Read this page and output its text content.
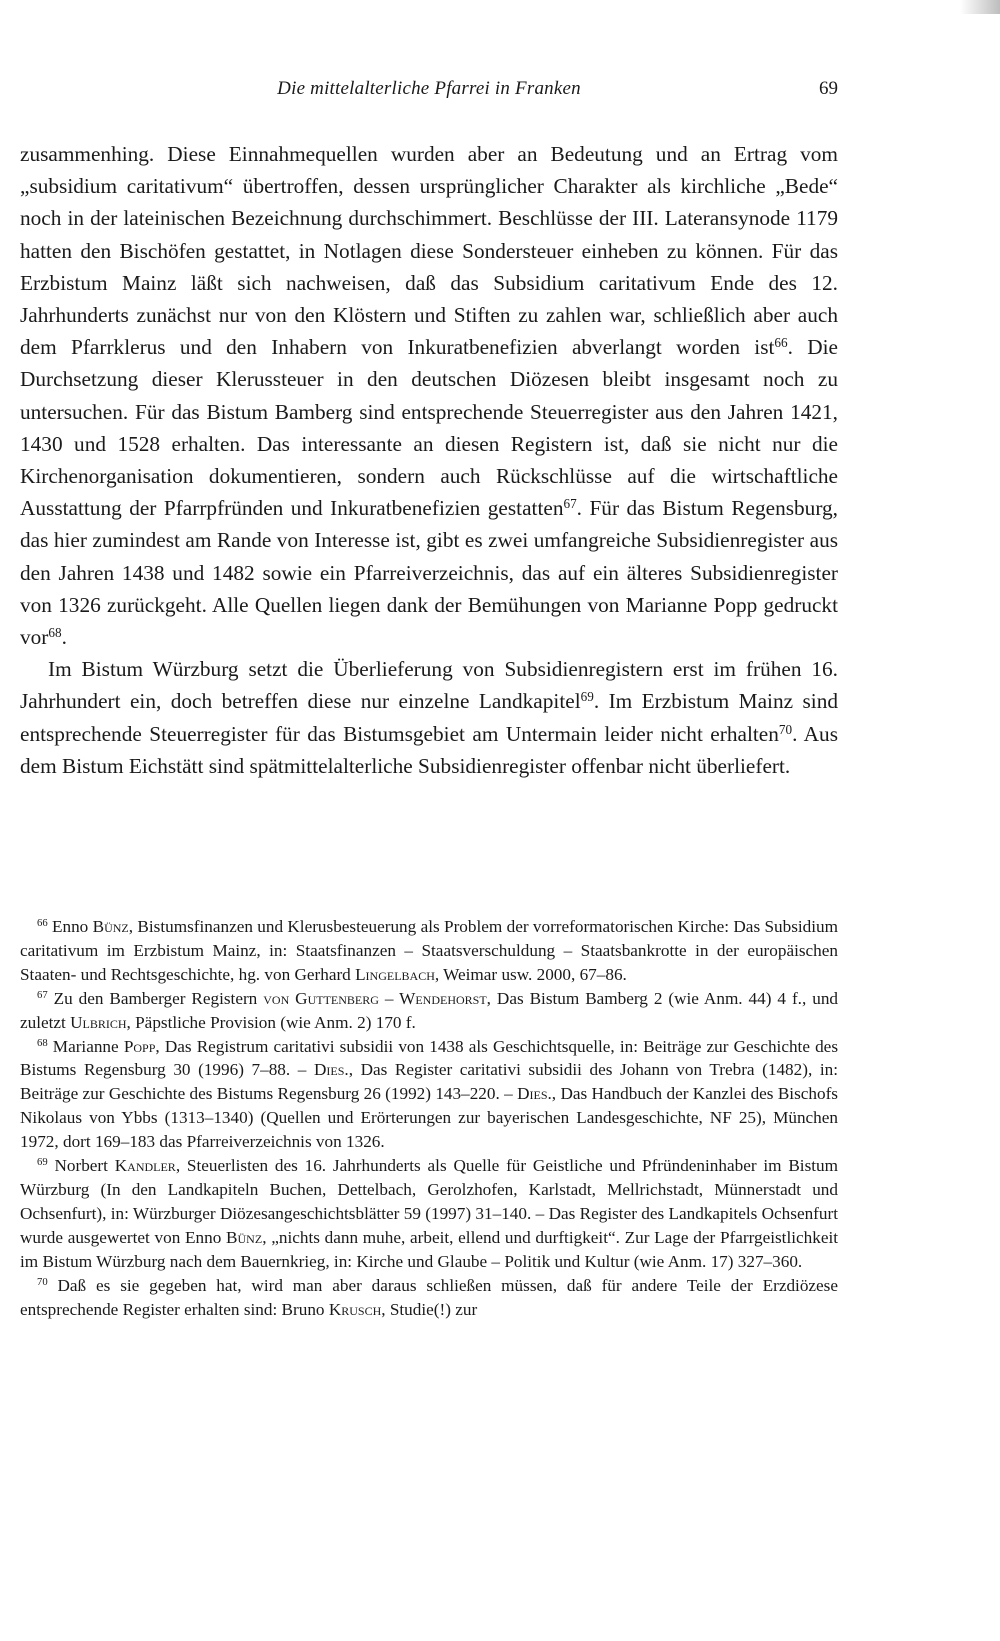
Die mittelalterliche Pfarrei in Franken	69

zusammenhing. Diese Einnahmequellen wurden aber an Bedeutung und an Ertrag vom „subsidium caritativum“ übertroffen, dessen ursprünglicher Charakter als kirchliche „Bede“ noch in der lateinischen Bezeichnung durchschimmert. Beschlüsse der III. Lateransynode 1179 hatten den Bischöfen gestattet, in Notlagen diese Sondersteuer einheben zu können. Für das Erzbistum Mainz läßt sich nachweisen, daß das Subsidium caritativum Ende des 12. Jahrhunderts zunächst nur von den Klöstern und Stiften zu zahlen war, schließlich aber auch dem Pfarrklerus und den Inhabern von Inkuratbenefizien abverlangt worden ist$^{66}$. Die Durchsetzung dieser Klerussteuer in den deutschen Diözesen bleibt insgesamt noch zu untersuchen. Für das Bistum Bamberg sind entsprechende Steuerregister aus den Jahren 1421, 1430 und 1528 erhalten. Das interessante an diesen Registern ist, daß sie nicht nur die Kirchenorganisation dokumentieren, sondern auch Rückschlüsse auf die wirtschaftliche Ausstattung der Pfarrpfründen und Inkuratbenefizien gestatten$^{67}$. Für das Bistum Regensburg, das hier zumindest am Rande von Interesse ist, gibt es zwei umfangreiche Subsidienregister aus den Jahren 1438 und 1482 sowie ein Pfarreiverzeichnis, das auf ein älteres Subsidienregister von 1326 zurückgeht. Alle Quellen liegen dank der Bemühungen von Marianne Popp gedruckt vor$^{68}$.

Im Bistum Würzburg setzt die Überlieferung von Subsidienregistern erst im frühen 16. Jahrhundert ein, doch betreffen diese nur einzelne Landkapitel$^{69}$. Im Erzbistum Mainz sind entsprechende Steuerregister für das Bistumsgebiet am Untermain leider nicht erhalten$^{70}$. Aus dem Bistum Eichstätt sind spätmittelalterliche Subsidienregister offenbar nicht überliefert.

$^{66}$ Enno Bünz, Bistumsfinanzen und Klerusbesteuerung als Problem der vorreformatorischen Kirche: Das Subsidium caritativum im Erzbistum Mainz, in: Staatsfinanzen – Staatsverschuldung – Staatsbankrotte in der europäischen Staaten- und Rechtsgeschichte, hg. von Gerhard Lingelbach, Weimar usw. 2000, 67–86.

$^{67}$ Zu den Bamberger Registern von Guttenberg – Wendehorst, Das Bistum Bamberg 2 (wie Anm. 44) 4 f., und zuletzt Ulbrich, Päpstliche Provision (wie Anm. 2) 170 f.

$^{68}$ Marianne Popp, Das Registrum caritativi subsidii von 1438 als Geschichtsquelle, in: Beiträge zur Geschichte des Bistums Regensburg 30 (1996) 7–88. – Dies., Das Register caritativi subsidii des Johann von Trebra (1482), in: Beiträge zur Geschichte des Bistums Regensburg 26 (1992) 143–220. – Dies., Das Handbuch der Kanzlei des Bischofs Nikolaus von Ybbs (1313–1340) (Quellen und Erörterungen zur bayerischen Landesgeschichte, NF 25), München 1972, dort 169–183 das Pfarreiverzeichnis von 1326.

$^{69}$ Norbert Kandler, Steuerlisten des 16. Jahrhunderts als Quelle für Geistliche und Pfründeninhaber im Bistum Würzburg (In den Landkapiteln Buchen, Dettelbach, Gerolzhofen, Karlstadt, Mellrichstadt, Münnerstadt und Ochsenfurt), in: Würzburger Diözesangeschichtsblätter 59 (1997) 31–140. – Das Register des Landkapitels Ochsenfurt wurde ausgewertet von Enno Bünz, „nichts dann muhe, arbeit, ellend und durftigkeit“. Zur Lage der Pfarrgeistlichkeit im Bistum Würzburg nach dem Bauernkrieg, in: Kirche und Glaube – Politik und Kultur (wie Anm. 17) 327–360.

$^{70}$ Daß es sie gegeben hat, wird man aber daraus schließen müssen, daß für andere Teile der Erzdiözese entsprechende Register erhalten sind: Bruno Krusch, Studie(!) zur
